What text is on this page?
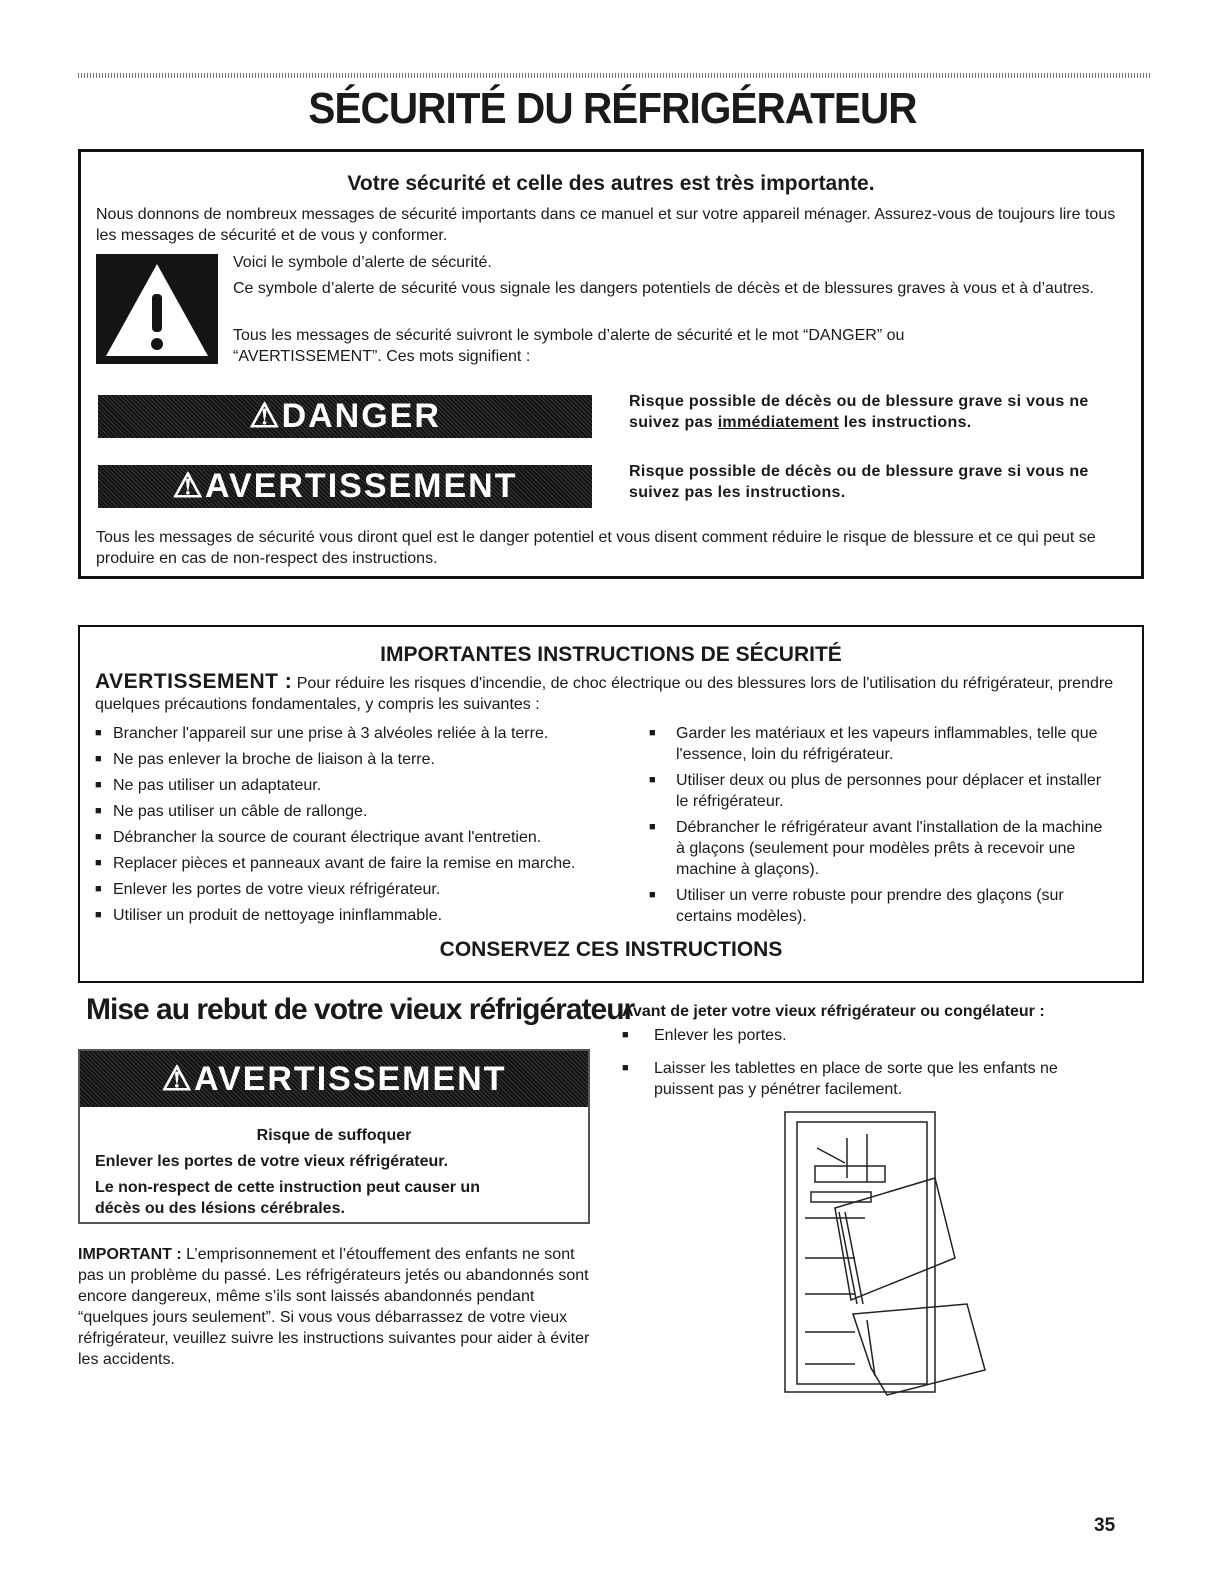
SÉCURITÉ DU RÉFRIGÉRATEUR
Votre sécurité et celle des autres est très importante.
Nous donnons de nombreux messages de sécurité importants dans ce manuel et sur votre appareil ménager. Assurez-vous de toujours lire tous les messages de sécurité et de vous y conformer.
Voici le symbole d’alerte de sécurité.
Ce symbole d’alerte de sécurité vous signale les dangers potentiels de décès et de blessures graves à vous et à d’autres.
Tous les messages de sécurité suivront le symbole d’alerte de sécurité et le mot “DANGER” ou “AVERTISSEMENT”. Ces mots signifient :
⚠DANGER	Risque possible de décès ou de blessure grave si vous ne suivez pas immédiatement les instructions.
⚠AVERTISSEMENT	Risque possible de décès ou de blessure grave si vous ne suivez pas les instructions.
Tous les messages de sécurité vous diront quel est le danger potentiel et vous disent comment réduire le risque de blessure et ce qui peut se produire en cas de non-respect des instructions.
IMPORTANTES INSTRUCTIONS DE SÉCURITÉ
AVERTISSEMENT : Pour réduire les risques d'incendie, de choc électrique ou des blessures lors de l'utilisation du réfrigérateur, prendre quelques précautions fondamentales, y compris les suivantes :
■ Brancher l'appareil sur une prise à 3 alvéoles reliée à la terre.
■ Ne pas enlever la broche de liaison à la terre.
■ Ne pas utiliser un adaptateur.
■ Ne pas utiliser un câble de rallonge.
■ Débrancher la source de courant électrique avant l'entretien.
■ Replacer pièces et panneaux avant de faire la remise en marche.
■ Enlever les portes de votre vieux réfrigérateur.
■ Utiliser un produit de nettoyage ininflammable.
■ Garder les matériaux et les vapeurs inflammables, telle que l'essence, loin du réfrigérateur.
■ Utiliser deux ou plus de personnes pour déplacer et installer le réfrigérateur.
■ Débrancher le réfrigérateur avant l'installation de la machine à glaçons (seulement pour modèles prêts à recevoir une machine à glaçons).
■ Utiliser un verre robuste pour prendre des glaçons (sur certains modèles).
CONSERVEZ CES INSTRUCTIONS
Mise au rebut de votre vieux réfrigérateur
⚠AVERTISSEMENT
Risque de suffoquer
Enlever les portes de votre vieux réfrigérateur.
Le non-respect de cette instruction peut causer un décès ou des lésions cérébrales.
IMPORTANT : L’emprisonnement et l’étouffement des enfants ne sont pas un problème du passé. Les réfrigérateurs jetés ou abandonnés sont encore dangereux, même s’ils sont laissés abandonnés pendant “quelques jours seulement”. Si vous vous débarrassez de votre vieux réfrigérateur, veuillez suivre les instructions suivantes pour aider à éviter les accidents.
Avant de jeter votre vieux réfrigérateur ou congélateur :
■ Enlever les portes.
■ Laisser les tablettes en place de sorte que les enfants ne puissent pas y pénétrer facilement.
35
